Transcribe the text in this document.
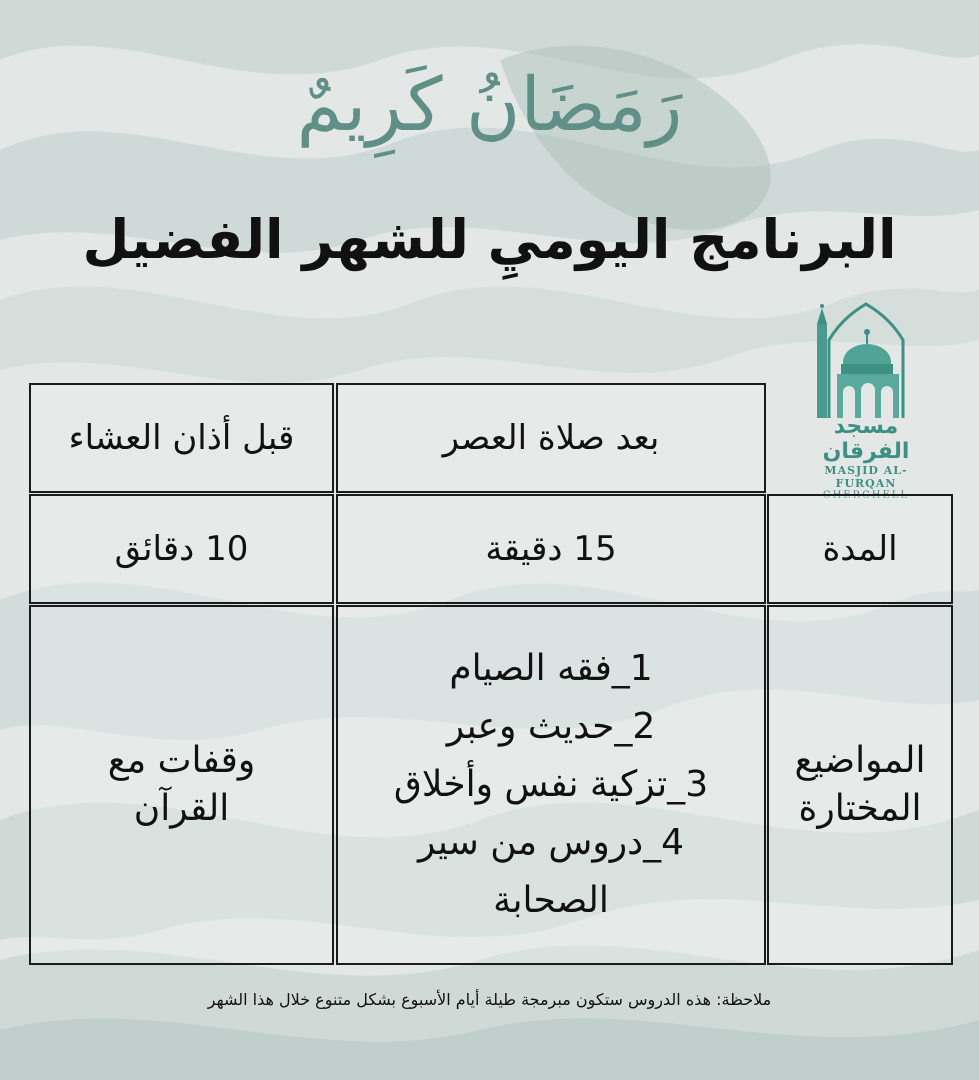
رَمَضَانُ كَرِيمٌ
البرنامج اليوميِ للشهر الفضيل
مسجد الفرقان
MASJID AL-FURQAN
CHERCHELL
بعد صلاة العصر
قبل أذان العشاء
المدة
15 دقيقة
10 دقائق
المواضيع
المختارة
1_فقه الصيام
2_حديث وعبر
3_تزكية نفس وأخلاق
4_دروس من سير
الصحابة
وقفات مع
القرآن
ملاحظة: هذه الدروس ستكون مبرمجة طيلة أيام الأسبوع بشكل متنوع خلال هذا الشهر
